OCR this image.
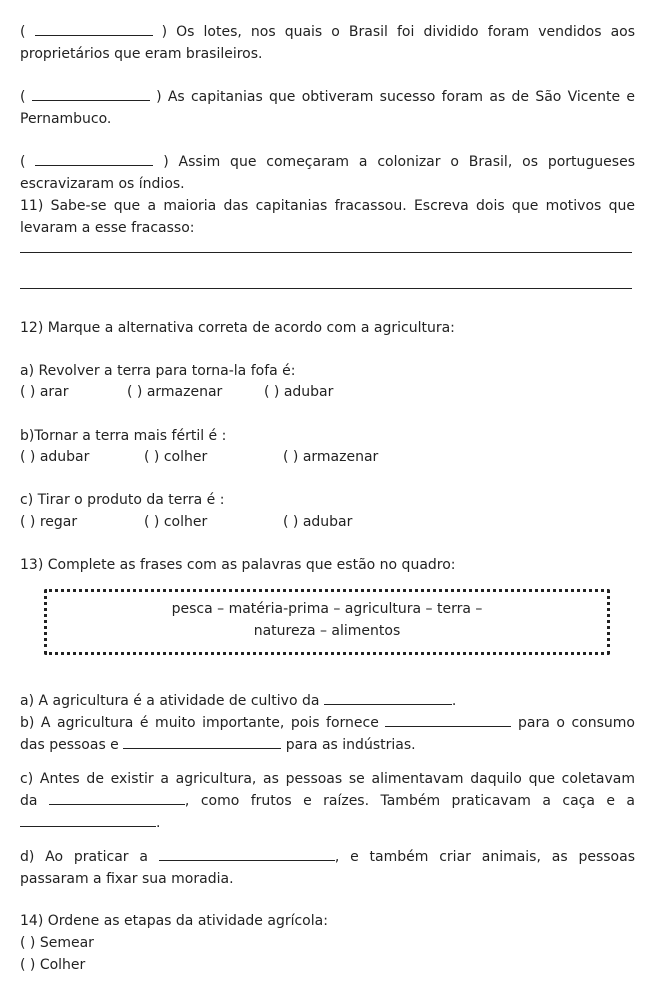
(	) Os lotes, nos quais o Brasil foi dividido foram vendidos aos
proprietários que eram brasileiros.
(	) As capitanias que obtiveram sucesso foram as de São Vicente e
Pernambuco.
(	) Assim que começaram a colonizar o Brasil, os portugueses
escravizaram os índios.
11) Sabe-se que a maioria das capitanias fracassou. Escreva dois que motivos que
levaram a esse fracasso:
12) Marque a alternativa correta de acordo com a agricultura:
a) Revolver a terra para torna-la fofa é:
( ) arar	( ) armazenar	( ) adubar
b)Tornar a terra mais fértil é :
( ) adubar	( ) colher	( ) armazenar
c) Tirar o produto da terra é :
( ) regar	( ) colher	( ) adubar
13) Complete as frases com as palavras que estão no quadro:
pesca – matéria-prima – agricultura – terra –
natureza – alimentos
a) A agricultura é a atividade de cultivo da	.
b) A agricultura é muito importante, pois fornece	para o consumo
das pessoas e	para as indústrias.
c) Antes de existir a agricultura, as pessoas se alimentavam daquilo que coletavam
da	, como frutos e raízes. Também praticavam a caça e a
.
d) Ao praticar a	, e também criar animais, as pessoas
passaram a fixar sua moradia.
14) Ordene as etapas da atividade agrícola:
( ) Semear
( ) Colher
